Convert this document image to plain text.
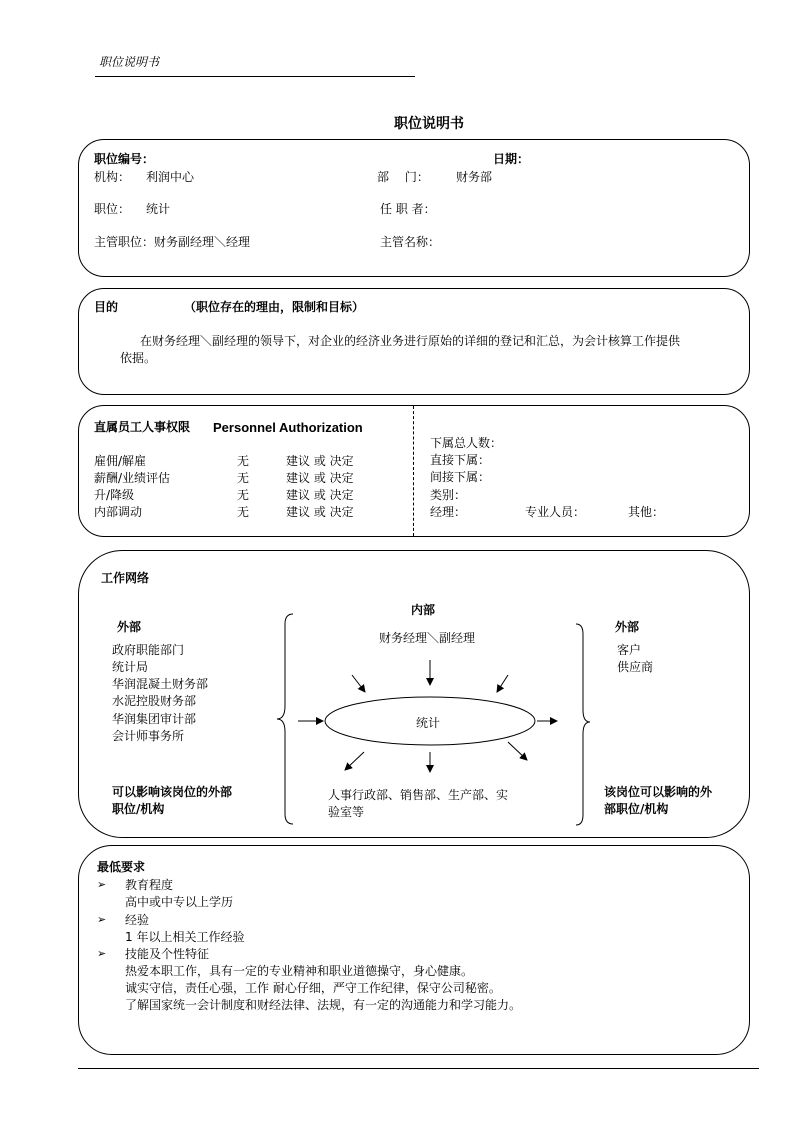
职位说明书
职位说明书
职位编号：	日期：
机构： 利润中心	部　 门： 财务部
职位： 统计	任 职 者：
主管职位：财务副经理＼经理	主管名称：
目的	（职位存在的理由，限制和目标）
在财务经理＼副经理的领导下，对企业的经济业务进行原始的详细的登记和汇总，为会计核算工作提供
依据。
直属员工人事权限 Personnel Authorization
雇佣/解雇	无	建议 或 决定
薪酬/业绩评估	无	建议 或 决定
升/降级	无	建议 或 决定
内部调动	无	建议 或 决定
下属总人数：
直接下属：
间接下属：
类别：
经理：	专业人员：	其他：
工作网络
外部
政府职能部门
统计局
华润混凝土财务部
水泥控股财务部
华润集团审计部
会计师事务所
可以影响该岗位的外部
职位/机构
内部
财务经理＼副经理
统计
人事行政部、销售部、生产部、实
验室等
外部
客户
供应商
该岗位可以影响的外
部职位/机构
最低要求
➢ 教育程度
高中或中专以上学历
➢ 经验
1 年以上相关工作经验
➢ 技能及个性特征
热爱本职工作，具有一定的专业精神和职业道德操守，身心健康。
诚实守信，责任心强，工作 耐心仔细，严守工作纪律，保守公司秘密。
了解国家统一会计制度和财经法律、法规，有一定的沟通能力和学习能力。
